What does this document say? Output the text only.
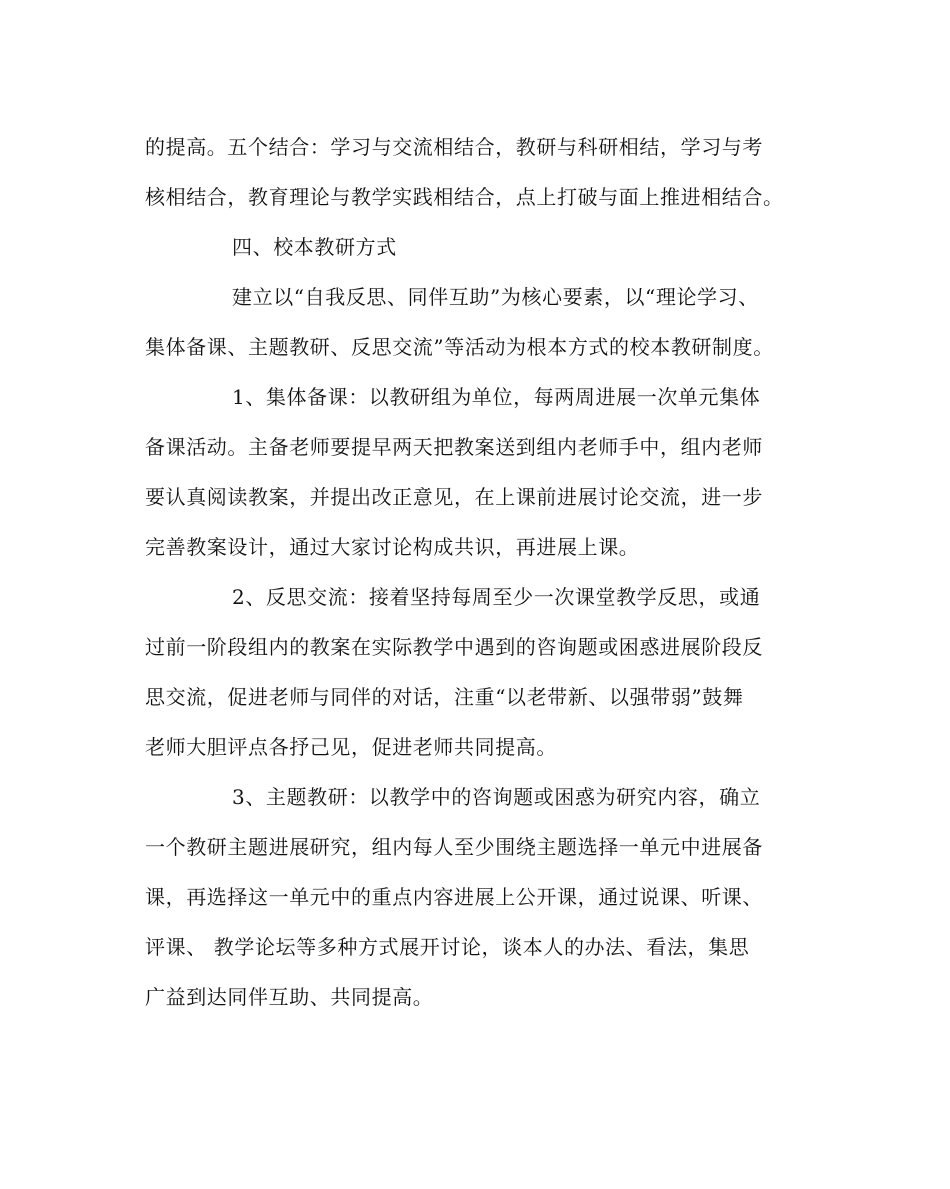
的提高。五个结合：学习与交流相结合，教研与科研相结，学习与考
核相结合，教育理论与教学实践相结合，点上打破与面上推进相结合。
四、校本教研方式
建立以“自我反思、同伴互助”为核心要素，以“理论学习、
集体备课、主题教研、反思交流”等活动为根本方式的校本教研制度。
1、集体备课：以教研组为单位，每两周进展一次单元集体
备课活动。主备老师要提早两天把教案送到组内老师手中，组内老师
要认真阅读教案，并提出改正意见，在上课前进展讨论交流，进一步
完善教案设计，通过大家讨论构成共识，再进展上课。
2、反思交流：接着坚持每周至少一次课堂教学反思，或通
过前一阶段组内的教案在实际教学中遇到的咨询题或困惑进展阶段反
思交流，促进老师与同伴的对话，注重“以老带新、以强带弱”鼓舞
老师大胆评点各抒己见，促进老师共同提高。
3、主题教研：以教学中的咨询题或困惑为研究内容，确立
一个教研主题进展研究，组内每人至少围绕主题选择一单元中进展备
课，再选择这一单元中的重点内容进展上公开课，通过说课、听课、
评课、 教学论坛等多种方式展开讨论，谈本人的办法、看法，集思
广益到达同伴互助、共同提高。
